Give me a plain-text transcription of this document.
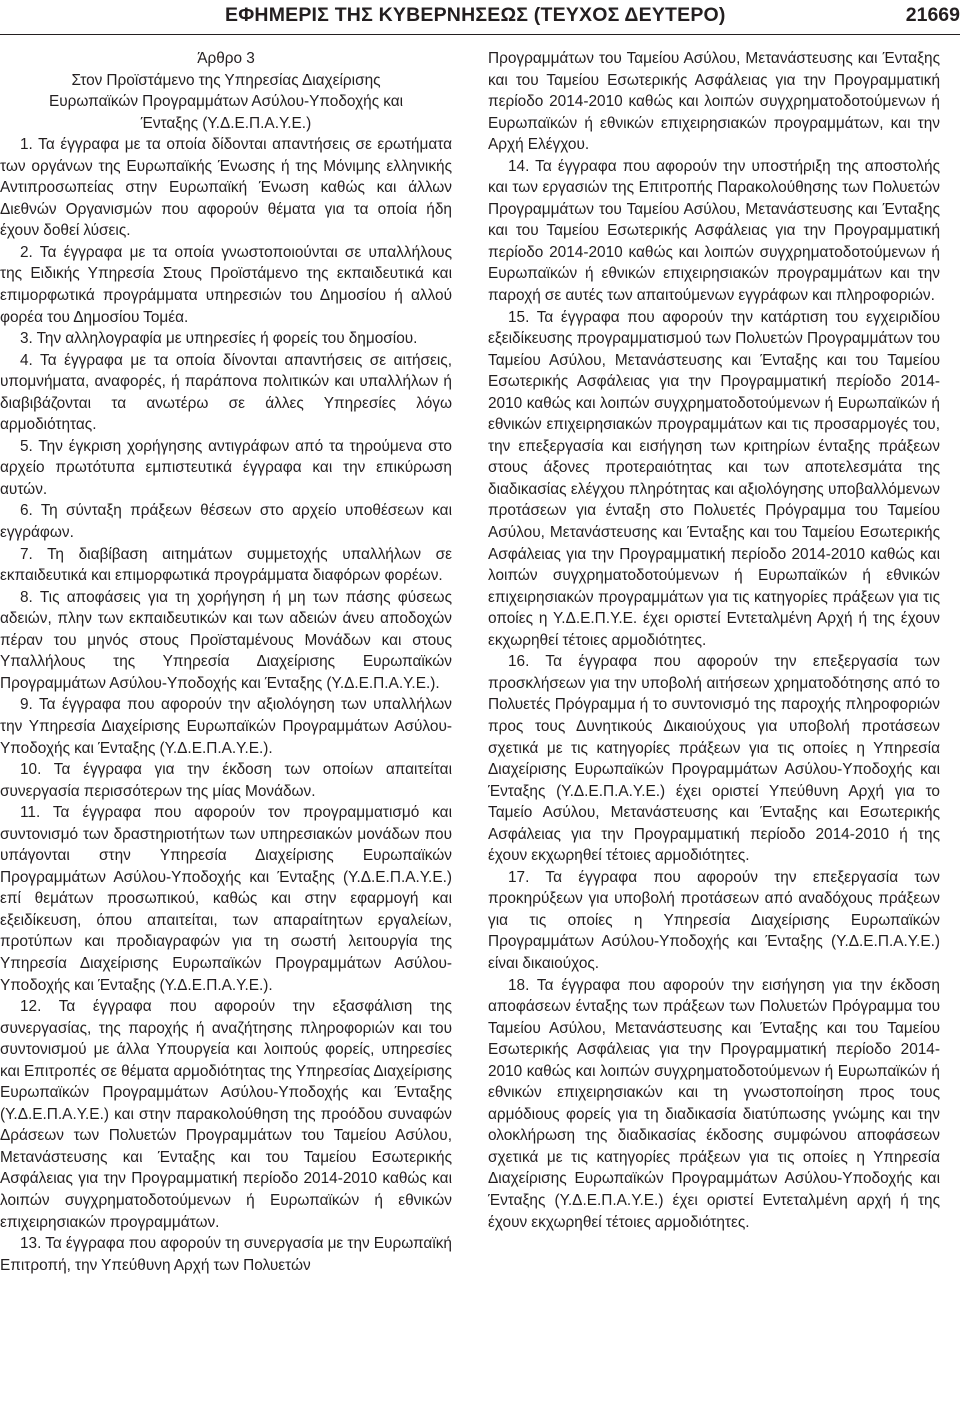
ΕΦΗΜΕΡΙΣ ΤΗΣ ΚΥΒΕΡΝΗΣΕΩΣ (ΤΕΥΧΟΣ ΔΕΥΤΕΡΟ)	21669
Άρθρο 3
Στον Προϊστάμενο της Υπηρεσίας Διαχείρισης
Ευρωπαϊκών Προγραμμάτων Ασύλου-Υποδοχής και
Ένταξης (Υ.Δ.Ε.Π.Α.Υ.Ε.)

1. Τα έγγραφα με τα οποία δίδονται απαντήσεις σε ερωτήματα των οργάνων της Ευρωπαϊκής Ένωσης ή της Μόνιμης ελληνικής Αντιπροσωπείας στην Ευρωπαϊκή Ένωση καθώς και άλλων Διεθνών Οργανισμών που αφορούν θέματα για τα οποία ήδη έχουν δοθεί λύσεις.

2. Τα έγγραφα με τα οποία γνωστοποιούνται σε υπαλλήλους της Ειδικής Υπηρεσία Στους Προϊστάμενο της εκπαιδευτικά και επιμορφωτικά προγράμματα υπηρεσιών του Δημοσίου ή αλλού φορέα του Δημοσίου Τομέα.

3. Την αλληλογραφία με υπηρεσίες ή φορείς του δημοσίου.

4. Τα έγγραφα με τα οποία δίνονται απαντήσεις σε αιτήσεις, υπομνήματα, αναφορές, ή παράπονα πολιτικών και υπαλλήλων ή διαβιβάζονται τα ανωτέρω σε άλλες Υπηρεσίες λόγω αρμοδιότητας.

5. Την έγκριση χορήγησης αντιγράφων από τα τηρούμενα στο αρχείο πρωτότυπα εμπιστευτικά έγγραφα και την επικύρωση αυτών.

6. Τη σύνταξη πράξεων θέσεων στο αρχείο υποθέσεων και εγγράφων.

7. Τη διαβίβαση αιτημάτων συμμετοχής υπαλλήλων σε εκπαιδευτικά και επιμορφωτικά προγράμματα διαφόρων φορέων.

8. Τις αποφάσεις για τη χορήγηση ή μη των πάσης φύσεως αδειών, πλην των εκπαιδευτικών και των αδειών άνευ αποδοχών πέραν του μηνός στους Προϊσταμένους Μονάδων και στους Υπαλλήλους της Υπηρεσία Διαχείρισης Ευρωπαϊκών Προγραμμάτων Ασύλου-Υποδοχής και Ένταξης (Υ.Δ.Ε.Π.Α.Υ.Ε.).

9. Τα έγγραφα που αφορούν την αξιολόγηση των υπαλλήλων την Υπηρεσία Διαχείρισης Ευρωπαϊκών Προγραμμάτων Ασύλου-Υποδοχής και Ένταξης (Υ.Δ.Ε.Π.Α.Υ.Ε.).

10. Τα έγγραφα για την έκδοση των οποίων απαιτείται συνεργασία περισσότερων της μίας Μονάδων.

11. Τα έγγραφα που αφορούν τον προγραμματισμό και συντονισμό των δραστηριοτήτων των υπηρεσιακών μονάδων που υπάγονται στην Υπηρεσία Διαχείρισης Ευρωπαϊκών Προγραμμάτων Ασύλου-Υποδοχής και Ένταξης (Υ.Δ.Ε.Π.Α.Υ.Ε.) επί θεμάτων προσωπικού, καθώς και στην εφαρμογή και εξειδίκευση, όπου απαιτείται, των απαραίτητων εργαλείων, προτύπων και προδιαγραφών για τη σωστή λειτουργία της Υπηρεσία Διαχείρισης Ευρωπαϊκών Προγραμμάτων Ασύλου-Υποδοχής και Ένταξης (Υ.Δ.Ε.Π.Α.Υ.Ε.).

12. Τα έγγραφα που αφορούν την εξασφάλιση της συνεργασίας, της παροχής ή αναζήτησης πληροφοριών και του συντονισμού με άλλα Υπουργεία και λοιπούς φορείς, υπηρεσίες και Επιτροπές σε θέματα αρμοδιότητας της Υπηρεσίας Διαχείρισης Ευρωπαϊκών Προγραμμάτων Ασύλου-Υποδοχής και Ένταξης (Υ.Δ.Ε.Π.Α.Υ.Ε.) και στην παρακολούθηση της προόδου συναφών Δράσεων των Πολυετών Προγραμμάτων του Ταμείου Ασύλου, Μετανάστευσης και Ένταξης και του Ταμείου Εσωτερικής Ασφάλειας για την Προγραμματική περίοδο 2014-2010 καθώς και λοιπών συγχρηματοδοτούμενων ή Ευρωπαϊκών ή εθνικών επιχειρησιακών προγραμμάτων.

13. Τα έγγραφα που αφορούν τη συνεργασία με την Ευρωπαϊκή Επιτροπή, την Υπεύθυνη Αρχή των Πολυετών

Προγραμμάτων του Ταμείου Ασύλου, Μετανάστευσης και Ένταξης και του Ταμείου Εσωτερικής Ασφάλειας για την Προγραμματική περίοδο 2014-2010 καθώς και λοιπών συγχρηματοδοτούμενων ή Ευρωπαϊκών ή εθνικών επιχειρησιακών προγραμμάτων, και την Αρχή Ελέγχου.

14. Τα έγγραφα που αφορούν την υποστήριξη της αποστολής και των εργασιών της Επιτροπής Παρακολούθησης των Πολυετών Προγραμμάτων του Ταμείου Ασύλου, Μετανάστευσης και Ένταξης και του Ταμείου Εσωτερικής Ασφάλειας για την Προγραμματική περίοδο 2014-2010 καθώς και λοιπών συγχρηματοδοτούμενων ή Ευρωπαϊκών ή εθνικών επιχειρησιακών προγραμμάτων και την παροχή σε αυτές των απαιτούμενων εγγράφων και πληροφοριών.

15. Τα έγγραφα που αφορούν την κατάρτιση του εγχειριδίου εξειδίκευσης προγραμματισμού των Πολυετών Προγραμμάτων του Ταμείου Ασύλου, Μετανάστευσης και Ένταξης και του Ταμείου Εσωτερικής Ασφάλειας για την Προγραμματική περίοδο 2014-2010 καθώς και λοιπών συγχρηματοδοτούμενων ή Ευρωπαϊκών ή εθνικών επιχειρησιακών προγραμμάτων και τις προσαρμογές του, την επεξεργασία και εισήγηση των κριτηρίων ένταξης πράξεων στους άξονες προτεραιότητας και των αποτελεσμάτα της διαδικασίας ελέγχου πληρότητας και αξιολόγησης υποβαλλόμενων προτάσεων για ένταξη στο Πολυετές Πρόγραμμα του Ταμείου Ασύλου, Μετανάστευσης και Ένταξης και του Ταμείου Εσωτερικής Ασφάλειας για την Προγραμματική περίοδο 2014-2010 καθώς και λοιπών συγχρηματοδοτούμενων ή Ευρωπαϊκών ή εθνικών επιχειρησιακών προγραμμάτων για τις κατηγορίες πράξεων για τις οποίες η Υ.Δ.Ε.Π.Υ.Ε. έχει οριστεί Εντεταλμένη Αρχή ή της έχουν εκχωρηθεί τέτοιες αρμοδιότητες.

16. Τα έγγραφα που αφορούν την επεξεργασία των προσκλήσεων για την υποβολή αιτήσεων χρηματοδότησης από το Πολυετές Πρόγραμμα ή το συντονισμό της παροχής πληροφοριών προς τους Δυνητικούς Δικαιούχους για υποβολή προτάσεων σχετικά με τις κατηγορίες πράξεων για τις οποίες η Υπηρεσία Διαχείρισης Ευρωπαϊκών Προγραμμάτων Ασύλου-Υποδοχής και Ένταξης (Υ.Δ.Ε.Π.Α.Υ.Ε.) έχει οριστεί Υπεύθυνη Αρχή για το Ταμείο Ασύλου, Μετανάστευσης και Ένταξης και Εσωτερικής Ασφάλειας για την Προγραμματική περίοδο 2014-2010 ή της έχουν εκχωρηθεί τέτοιες αρμοδιότητες.

17. Τα έγγραφα που αφορούν την επεξεργασία των προκηρύξεων για υποβολή προτάσεων από αναδόχους πράξεων για τις οποίες η Υπηρεσία Διαχείρισης Ευρωπαϊκών Προγραμμάτων Ασύλου-Υποδοχής και Ένταξης (Υ.Δ.Ε.Π.Α.Υ.Ε.) είναι δικαιούχος.

18. Τα έγγραφα που αφορούν την εισήγηση για την έκδοση αποφάσεων ένταξης των πράξεων των Πολυετών Πρόγραμμα του Ταμείου Ασύλου, Μετανάστευσης και Ένταξης και του Ταμείου Εσωτερικής Ασφάλειας για την Προγραμματική περίοδο 2014-2010 καθώς και λοιπών συγχρηματοδοτούμενων ή Ευρωπαϊκών ή εθνικών επιχειρησιακών και τη γνωστοποίηση προς τους αρμόδιους φορείς για τη διαδικασία διατύπωσης γνώμης και την ολοκλήρωση της διαδικασίας έκδοσης συμφώνου αποφάσεων σχετικά με τις κατηγορίες πράξεων για τις οποίες η Υπηρεσία Διαχείρισης Ευρωπαϊκών Προγραμμάτων Ασύλου-Υποδοχής και Ένταξης (Υ.Δ.Ε.Π.Α.Υ.Ε.) έχει οριστεί Εντεταλμένη αρχή ή της έχουν εκχωρηθεί τέτοιες αρμοδιότητες.
